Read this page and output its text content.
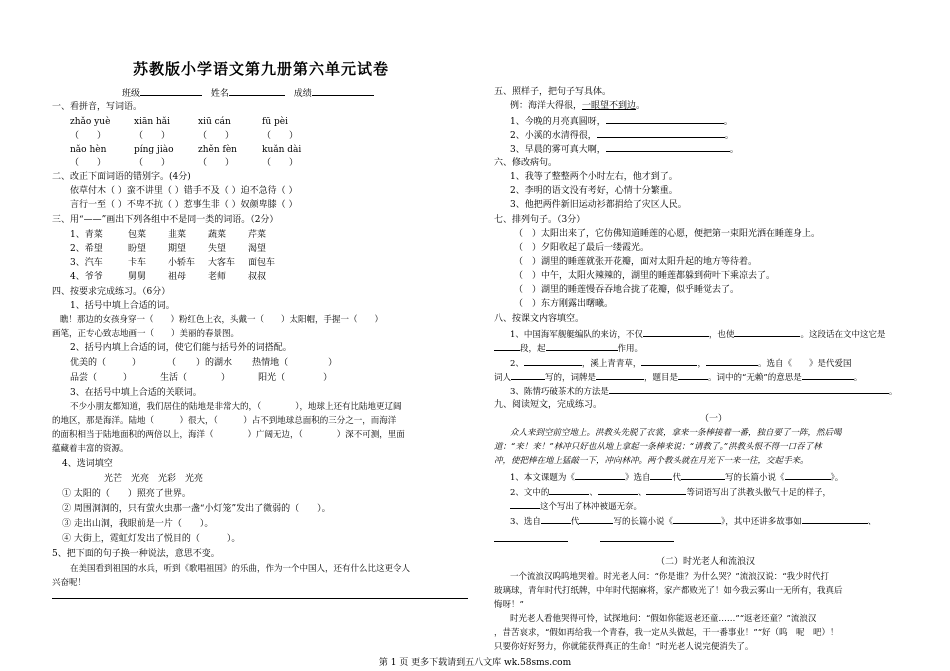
苏教版小学语文第九册第六单元试卷
班级	姓名	成绩
一、看拼音，写词语。
zhǎo yuè	xiān hǎi	xiū cán	fū pèi
（　　）	（　　）	（　　）	（　　）
nǎo hèn	píng jiào	zhěn fèn	kuǎn dài
（　　）	（　　）	（　　）	（　　）
二、改正下面词语的错别字。(4分)
依草付木（ ）蛮不讲里（ ）错手不及（ ）迫不急待（ ）
言行一至（ ）不卑不抗（ ）惹事生非（ ）奴颜卑膝（ ）
三、用“——”画出下列各组中不是同一类的词语。（2分）
1、青菜	包菜 韭菜 蔬菜 芹菜
2、希望	盼望 期望 失望 渴望
3、汽车	卡车 小轿车 大客车 面包车
4、爷爷	舅舅 祖母 老师 叔叔
四、按要求完成练习。（6分）
1、括号中填上合适的词。
瞧！那边的女孩身穿一（　　）粉红色上衣，头戴一（　　）太阳帽，手握一（　　）
画笔，正专心致志地画一（　　）美丽的春景图。
2、括号内填上合适的词，使它们能与括号外的词搭配。
优美的（	）	（ ）的湖水 热情地（	）
品尝（	）	生活（	）	阳光（	）
3、在括号中填上合适的关联词。
不少小朋友都知道，我们居住的陆地是非常大的，（　　　　），地球上还有比陆地更辽阔
的地区，那是海洋。陆地（　　　）很大，（　　　）占不到地球总面积的三分之一，而海洋
的面积相当于陆地面积的两倍以上，海洋（　　　　）广阔无边，（　　　　）深不可测，里面
蕴藏着丰富的资源。
4、选词填空
光芒　光亮　光彩　光亮
① 太阳的（　　）照亮了世界。
② 周围洞洞的，只有萤火虫那一盏“小灯笼”发出了微弱的（　　）。
③ 走出山洞，我眼前是一片（　　）。
④ 大街上，霓虹灯发出了悦目的（　　　）。
5、把下面的句子换一种说法，意思不变。
在美国看到祖国的水兵，听到《歌唱祖国》的乐曲，作为一个中国人，还有什么比这更令人
兴奋呢！
五、照样子，把句子写具体。
例：海洋大得很，一眼望不到边。
1、今晚的月亮真圆呀，	。
2、小溪的水清得很，	。
3、早晨的雾可真大啊，	。
六、修改病句。
1、我等了整整两个小时左右，他才到了。
2、李明的语文没有考好，心情十分繁重。
3、他把两件新旧运动衫都捐给了灾区人民。
七、排列句子。（3分）
（　）太阳出来了，它仿佛知道睡莲的心愿，便把第一束阳光洒在睡莲身上。
（　）夕阳收起了最后一缕霞光。
（　）湖里的睡莲就张开花瓣，面对太阳升起的地方等待着。
（　）中午，太阳火辣辣的，湖里的睡莲都躲到荷叶下乘凉去了。
（　）湖里的睡莲慢吞吞地合拢了花瓣，似乎睡觉去了。
（　）东方刚露出曙曦。
八、按课文内容填空。
1、中国海军舰艇编队的来访，不仅	，也使	。这段话在文中这它是
段，起	作用。
2、	，溪上青青草，	，	。选自《　　》是代爱国
词人	写的，词牌是	，题目是	。词中的“无赖”的意思是	。
3、陈情巧破茶术的方法是	。
九、阅读短文，完成练习。
（一）
众人来到空前空地上。洪教头先脱了衣裳，拿来一条棒接着一番，独自要了一阵，然后喝
道：“来！来！”林冲只好也从地上拿起一条棒来说：“请教了。”洪教头恨不得一口吞了林
冲，使把棒在地上猛敲一下，冲向林冲。两个教头就在月光下一来一往，交起手来。
1、本文课题为《	》选自	代	写的长篇小说《	》。
2、文中的	、	、	等词语写出了洪教头傲气十足的样子，
这个写出了林冲被逼无奈。
3、选自	代	写的长篇小说《	》，其中还讲多故事如	、
（二）时光老人和流浪汉
一个流浪汉呜呜地哭着。时光老人问：“你是谁？为什么哭？”流浪汉说：“我少时代打
玻璃球，青年时代打纸牌，中年时代据麻将，家产都败光了！如今我云雾山一无所有，我真后
悔呀！”
时光老人看他哭得可怜，试探地问：“假如你能返老还童……”“返老还童？”流浪汉
，昔苦哀求，“假如再给我一个青春，我一定从头做起，干一番事业！”“好（呜　呢　吧）！
只要你好好努力，你就能获得真正的生命！”时光老人说完便消失了。
第 1 页 更多下载请到五八文库 wk.58sms.com
